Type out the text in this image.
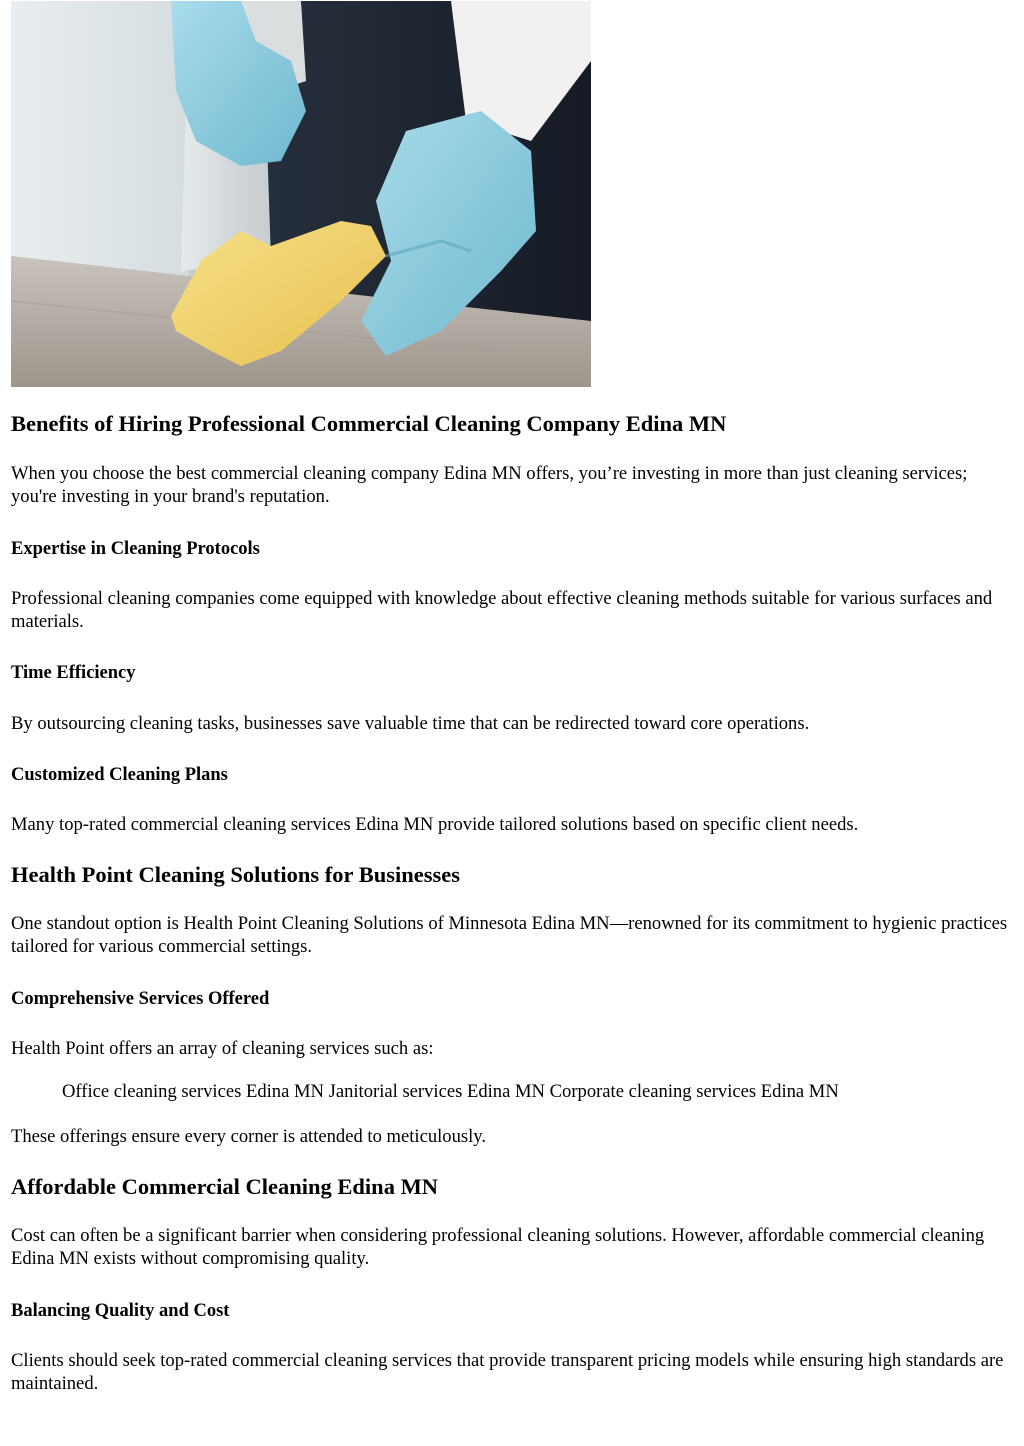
Benefits of Hiring Professional Commercial Cleaning Company Edina MN

When you choose the best commercial cleaning company Edina MN offers, you’re investing in more than just cleaning services; you're investing in your brand's reputation.

Expertise in Cleaning Protocols

Professional cleaning companies come equipped with knowledge about effective cleaning methods suitable for various surfaces and materials.

Time Efficiency

By outsourcing cleaning tasks, businesses save valuable time that can be redirected toward core operations.

Customized Cleaning Plans

Many top-rated commercial cleaning services Edina MN provide tailored solutions based on specific client needs.

Health Point Cleaning Solutions for Businesses

One standout option is Health Point Cleaning Solutions of Minnesota Edina MN—renowned for its commitment to hygienic practices tailored for various commercial settings.

Comprehensive Services Offered

Health Point offers an array of cleaning services such as:

Office cleaning services Edina MN Janitorial services Edina MN Corporate cleaning services Edina MN

These offerings ensure every corner is attended to meticulously.

Affordable Commercial Cleaning Edina MN

Cost can often be a significant barrier when considering professional cleaning solutions. However, affordable commercial cleaning Edina MN exists without compromising quality.

Balancing Quality and Cost

Clients should seek top-rated commercial cleaning services that provide transparent pricing models while ensuring high standards are maintained.
